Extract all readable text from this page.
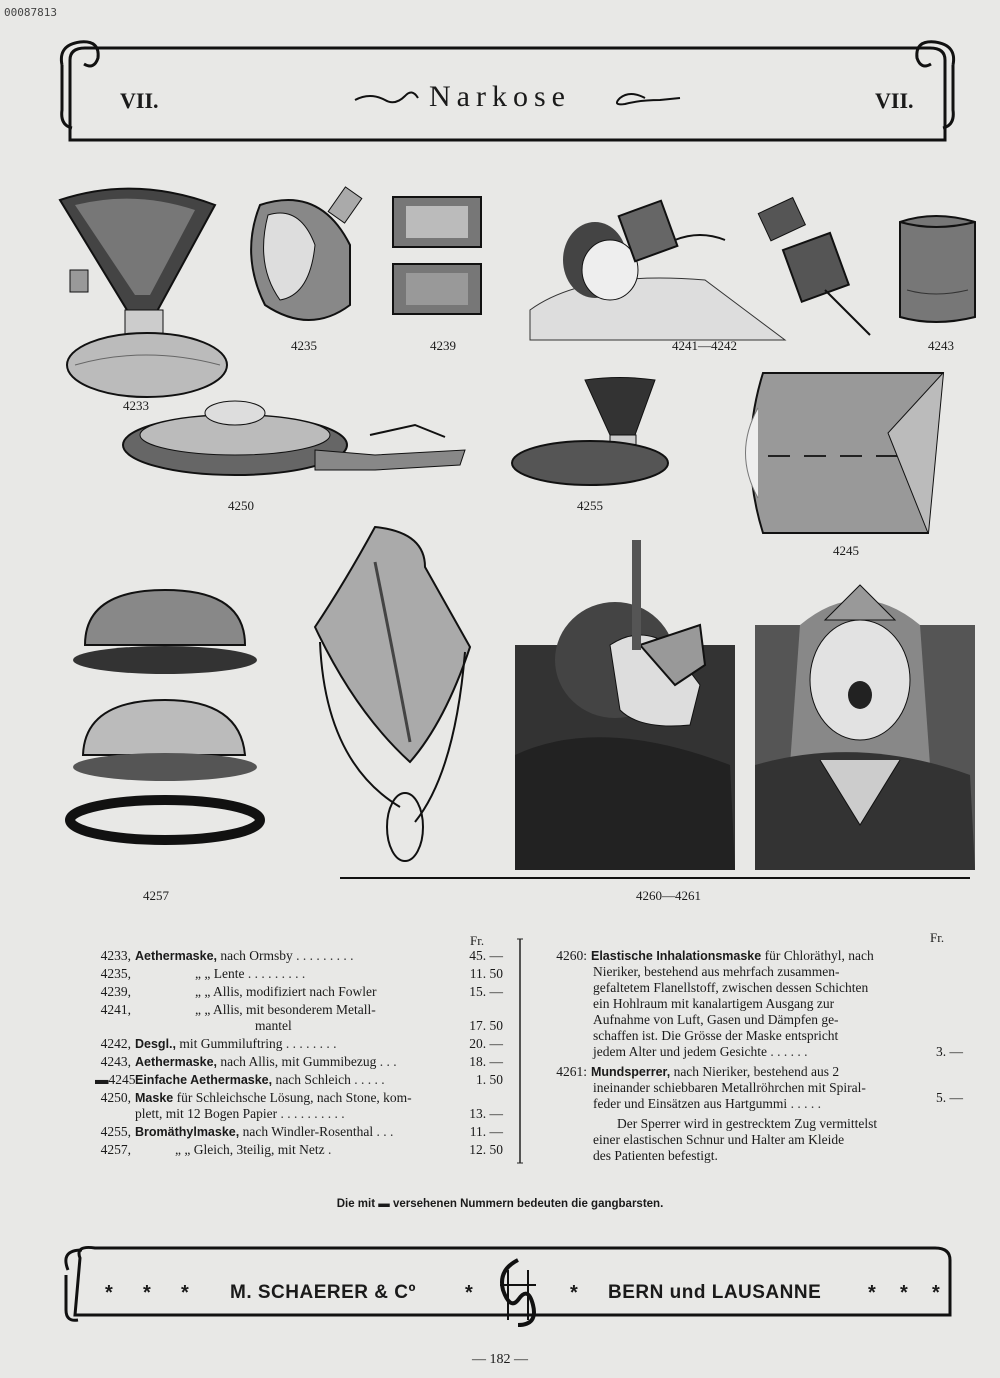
00087813
VII.	Narkose	VII.
4233
4235	4239	4241—4242	4243
4250	4255
4245
4257	4260—4261
Fr.
4233, Aethermaske, nach Ormsby . . . . . . . . .	45. —
4235,	„ „ Lente . . . . . . . . .	11. 50
4239,	„ „ Allis, modifiziert nach Fowler	15. —
4241,	„ „ Allis, mit besonderem Metall-
mantel	17. 50
4242, Desgl., mit Gummiluftring . . . . . . . .	20. —
4243, Aethermaske, nach Allis, mit Gummibezug . . .	18. —
▬4245.Einfache Aethermaske, nach Schleich . . . . .	1. 50
4250, Maske für Schleichsche Lösung, nach Stone, kom-
plett, mit 12 Bogen Papier . . . . . . . . . .	13. —
4255, Bromäthylmaske, nach Windler-Rosenthal . . .	11. —
4257,	„ „ Gleich, 3teilig, mit Netz .	12. 50
Fr.
4260: Elastische Inhalationsmaske für Chloräthyl, nach
Nieriker, bestehend aus mehrfach zusammen-
gefaltetem Flanellstoff, zwischen dessen Schichten
ein Hohlraum mit kanalartigem Ausgang zur
Aufnahme von Luft, Gasen und Dämpfen ge-
schaffen ist. Die Grösse der Maske entspricht
jedem Alter und jedem Gesichte . . . . . .	3. —
4261: Mundsperrer, nach Nieriker, bestehend aus 2
ineinander schiebbaren Metallröhrchen mit Spiral-
feder und Einsätzen aus Hartgummi . . . . .	5. —
Der Sperrer wird in gestrecktem Zug vermittelst
einer elastischen Schnur und Halter am Kleide
des Patienten befestigt.
Die mit ▬ versehenen Nummern bedeuten die gangbarsten.
* * * M. SCHAERER & Cº *	* BERN und LAUSANNE * * *
— 182 —
